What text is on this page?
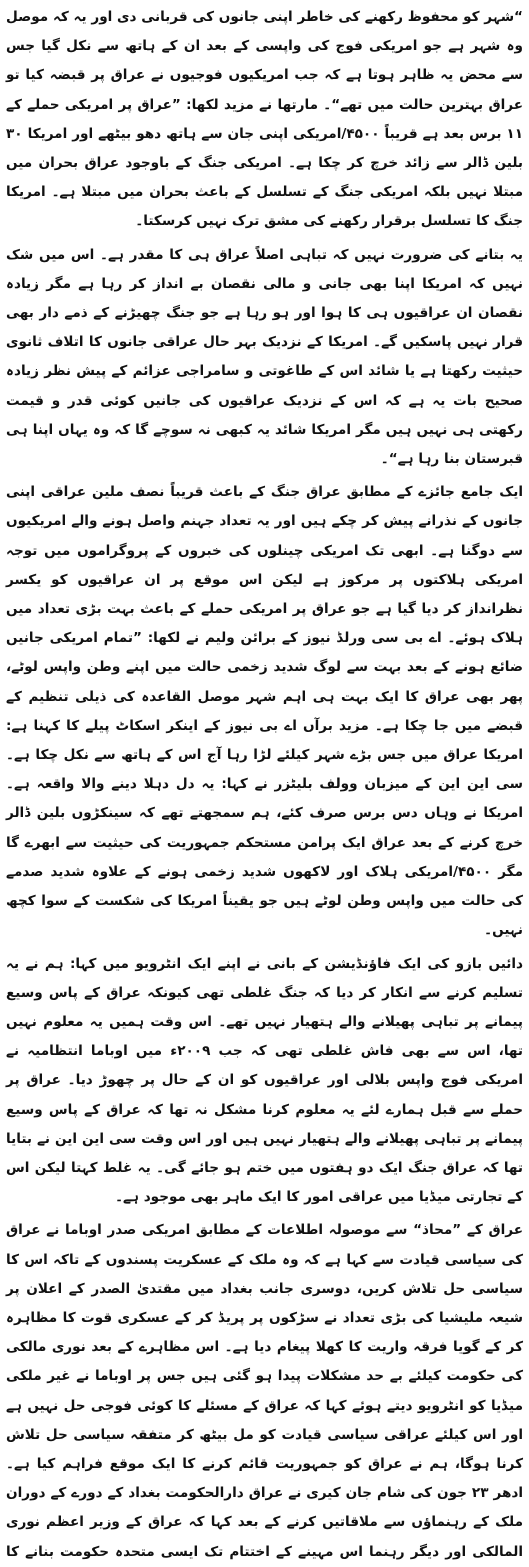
“شہر کو محفوظ رکھنے کی خاطر اپنی جانوں کی قربانی دی اور یہ کہ موصل وہ شہر ہے جو امریکی فوج کی واپسی کے بعد ان کے ہاتھ سے نکل گیا جس سے محض یہ ظاہر ہوتا ہے کہ جب امریکیوں فوجیوں نے عراق پر قبضہ کیا تو عراق بہترین حالت میں تھے“۔ مارتھا نے مزید لکھا: ”عراق پر امریکی حملے کے ۱۱ برس بعد ہے قریباً ۴۵۰۰/امریکی اپنی جان سے ہاتھ دھو بیٹھے اور امریکا ۳۰ بلین ڈالر سے زائد خرچ کر چکا ہے۔ امریکی جنگ کے باوجود عراق بحران میں مبتلا نہیں بلکہ امریکی جنگ کے تسلسل کے باعث بحران میں مبتلا ہے۔ امریکا جنگ کا تسلسل برقرار رکھنے کی مشق ترک نہیں کرسکتا۔

یہ بتانے کی ضرورت نہیں کہ تباہی اصلاً عراق ہی کا مقدر ہے۔ اس میں شک نہیں کہ امریکا اپنا بھی جانی و مالی نقصان بے انداز کر رہا ہے مگر زیادہ نقصان ان عراقیوں ہی کا ہوا اور ہو رہا ہے جو جنگ چھیڑنے کے ذمے دار بھی قرار نہیں پاسکیں گے۔ امریکا کے نزدیک بہر حال عراقی جانوں کا اتلاف ثانوی حیثیت رکھتا ہے یا شائد اس کے طاغوتی و سامراجی عزائم کے پیش نظر زیادہ صحیح بات یہ ہے کہ اس کے نزدیک عراقیوں کی جانیں کوئی قدر و قیمت رکھتی ہی نہیں ہیں مگر امریکا شائد یہ کبھی نہ سوچے گا کہ وہ یہاں اپنا ہی قبرستان بنا رہا ہے“۔

ایک جامع جائزے کے مطابق عراق جنگ کے باعث قریباً نصف ملین عراقی اپنی جانوں کے نذرانے پیش کر چکے ہیں اور یہ تعداد جہنم واصل ہونے والے امریکیوں سے دوگنا ہے۔ ابھی تک امریکی چینلوں کی خبروں کے پروگراموں میں توجہ امریکی ہلاکتوں پر مرکوز ہے لیکن اس موقع پر ان عراقیوں کو یکسر نظرانداز کر دیا گیا ہے جو عراق پر امریکی حملے کے باعث بہت بڑی تعداد میں ہلاک ہوئے۔ اے بی سی ورلڈ نیوز کے برائن ولیم نے لکھا: ”تمام امریکی جانیں ضائع ہونے کے بعد بہت سے لوگ شدید زخمی حالت میں اپنے وطن واپس لوٹے، پھر بھی عراق کا ایک بہت ہی اہم شہر موصل القاعدہ کی ذیلی تنظیم کے قبضے میں جا چکا ہے۔ مزید برآں اے بی نیوز کے اینکر اسکاٹ پیلے کا کہنا ہے: امریکا عراق میں جس بڑے شہر کیلئے لڑا رہا آج اس کے ہاتھ سے نکل چکا ہے۔ سی این این کے میزبان وولف بلیٹزر نے کہا: یہ دل دہلا دینے والا واقعہ ہے۔ امریکا نے وہاں دس برس صرف کئے، ہم سمجھتے تھے کہ سینکڑوں بلین ڈالر خرچ کرنے کے بعد عراق ایک پرامن مستحکم جمہوریت کی حیثیت سے ابھرے گا مگر ۴۵۰۰/امریکی ہلاک اور لاکھوں شدید زخمی ہونے کے علاوہ شدید صدمے کی حالت میں واپس وطن لوٹے ہیں جو یقیناً امریکا کی شکست کے سوا کچھ نہیں۔

دائیں بازو کی ایک فاؤنڈیشن کے بانی نے اپنے ایک انٹرویو میں کہا: ہم نے یہ تسلیم کرنے سے انکار کر دیا کہ جنگ غلطی تھی کیونکہ عراق کے پاس وسیع پیمانے پر تباہی پھیلانے والے ہتھیار نہیں تھے۔ اس وقت ہمیں یہ معلوم نہیں تھا، اس سے بھی فاش غلطی تھی کہ جب ۲۰۰۹ء میں اوباما انتظامیہ نے امریکی فوج واپس بلالی اور عراقیوں کو ان کے حال پر چھوڑ دیا۔ عراق پر حملے سے قبل ہمارے لئے یہ معلوم کرنا مشکل نہ تھا کہ عراق کے پاس وسیع پیمانے پر تباہی پھیلانے والے ہتھیار نہیں ہیں اور اس وقت سی این این نے بتایا تھا کہ عراق جنگ ایک دو ہفتوں میں ختم ہو جائے گی۔ یہ غلط کہتا لیکن اس کے تجارتی میڈیا میں عراقی امور کا ایک ماہر بھی موجود ہے۔

عراق کے ”محاذ“ سے موصولہ اطلاعات کے مطابق امریکی صدر اوباما نے عراق کی سیاسی قیادت سے کہا ہے کہ وہ ملک کے عسکریت پسندوں کے تاکہ اس کا سیاسی حل تلاش کریں، دوسری جانب بغداد میں مقتدیٰ الصدر کے اعلان پر شیعہ ملیشیا کی بڑی تعداد نے سڑکوں پر پریڈ کر کے عسکری قوت کا مظاہرہ کر کے گویا فرقہ واریت کا کھلا پیغام دیا ہے۔ اس مظاہرے کے بعد نوری مالکی کی حکومت کیلئے بے حد مشکلات پیدا ہو گئی ہیں جس پر اوباما نے غیر ملکی میڈیا کو انٹرویو دیتے ہوئے کہا کہ عراق کے مسئلے کا کوئی فوجی حل نہیں ہے اور اس کیلئے عراقی سیاسی قیادت کو مل بیٹھ کر متفقہ سیاسی حل تلاش کرنا ہوگا، ہم نے عراق کو جمہوریت قائم کرنے کا ایک موقع فراہم کیا ہے۔ ادھر ۲۳ جون کی شام جان کیری نے عراق دارالحکومت بغداد کے دورے کے دوران ملک کے رہنماؤں سے ملاقاتیں کرنے کے بعد کہا کہ عراق کے وزیر اعظم نوری المالکی اور دیگر رہنما اس مہینے کے اختتام تک ایسی متحدہ حکومت بنانے کا
